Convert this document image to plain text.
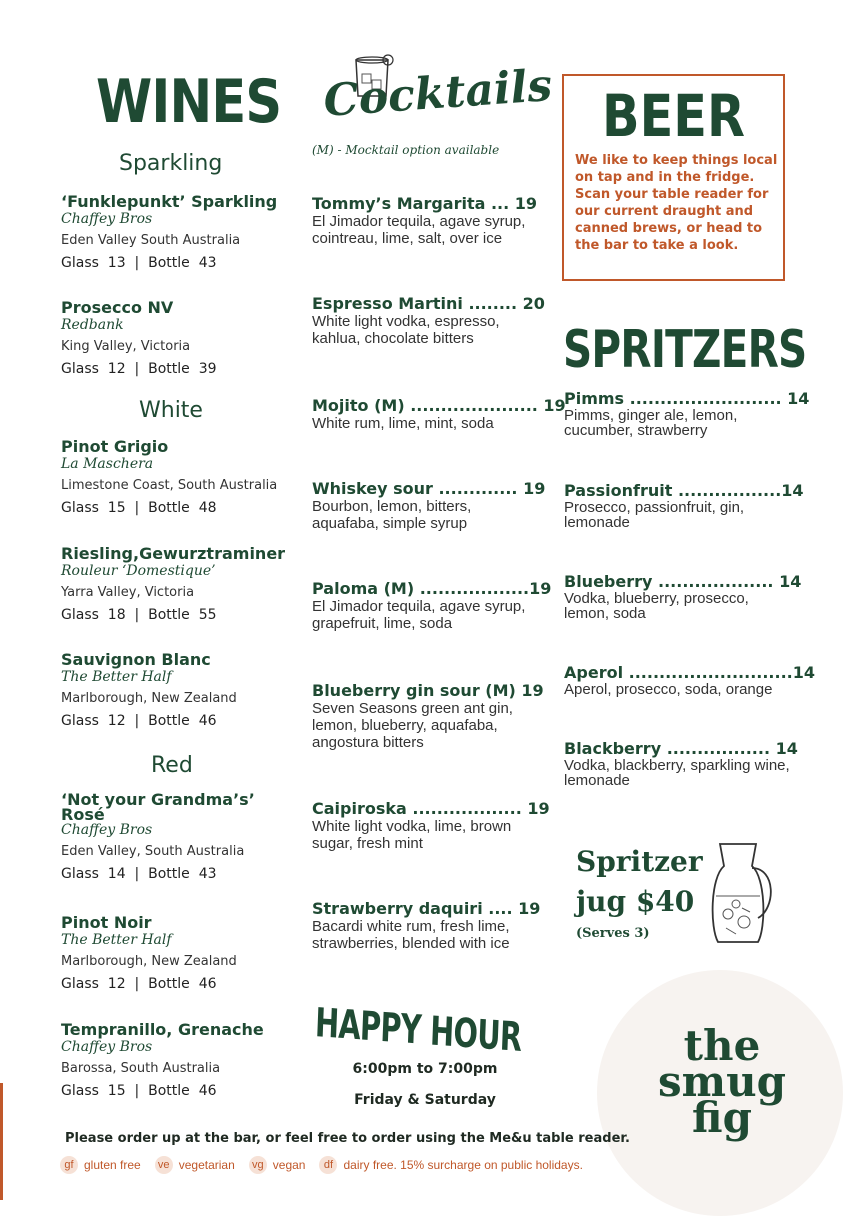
WINES
Sparkling
‘Funklepunkt’ Sparkling
Chaffey Bros
Eden Valley South Australia
Glass  13  |  Bottle  43
Prosecco NV
Redbank
King Valley, Victoria
Glass  12  |  Bottle  39
White
Pinot Grigio
La Maschera
Limestone Coast, South Australia
Glass  15  |  Bottle  48
Riesling,Gewurztraminer
Rouleur ‘Domestique’
Yarra Valley, Victoria
Glass  18  |  Bottle  55
Sauvignon Blanc
The Better Half
Marlborough, New Zealand
Glass  12  |  Bottle  46
Red
‘Not your Grandma’s’ Rosé
Chaffey Bros
Eden Valley, South Australia
Glass  14  |  Bottle  43
Pinot Noir
The Better Half
Marlborough, New Zealand
Glass  12  |  Bottle  46
Tempranillo, Grenache
Chaffey Bros
Barossa, South Australia
Glass  15  |  Bottle  46
Cocktails
(M) - Mocktail option available
Tommy’s Margarita ... 19
El Jimador tequila, agave syrup, cointreau, lime, salt, over ice
Espresso Martini ........ 20
White light vodka, espresso, kahlua, chocolate bitters
Mojito (M) ..................... 19
White rum, lime, mint, soda
Whiskey sour ............. 19
Bourbon, lemon, bitters, aquafaba, simple syrup
Paloma (M) ..................19
El Jimador tequila, agave syrup, grapefruit, lime, soda
Blueberry gin sour (M) 19
Seven Seasons green ant gin, lemon, blueberry, aquafaba, angostura bitters
Caipiroska .................. 19
White light vodka, lime, brown sugar, fresh mint
Strawberry daquiri .... 19
Bacardi white rum, fresh lime, strawberries, blended with ice
HAPPY HOUR
6:00pm to 7:00pm
Friday & Saturday
BEER
We like to keep things local on tap and in the fridge. Scan your table reader for our current draught and canned brews, or head to the bar to take a look.
SPRITZERS
Pimms ......................... 14
Pimms, ginger ale, lemon, cucumber, strawberry
Passionfruit .................14
Prosecco, passionfruit, gin, lemonade
Blueberry ................... 14
Vodka, blueberry, prosecco, lemon, soda
Aperol ...........................14
Aperol, prosecco, soda, orange
Blackberry ................. 14
Vodka, blackberry, sparkling wine, lemonade
Spritzer
jug $40
(Serves 3)
the
smug
fig
Please order up at the bar, or feel free to order using the Me&u table reader.
gf gluten free ve vegetarian vg vegan	df dairy free. 15% surcharge on public holidays.
